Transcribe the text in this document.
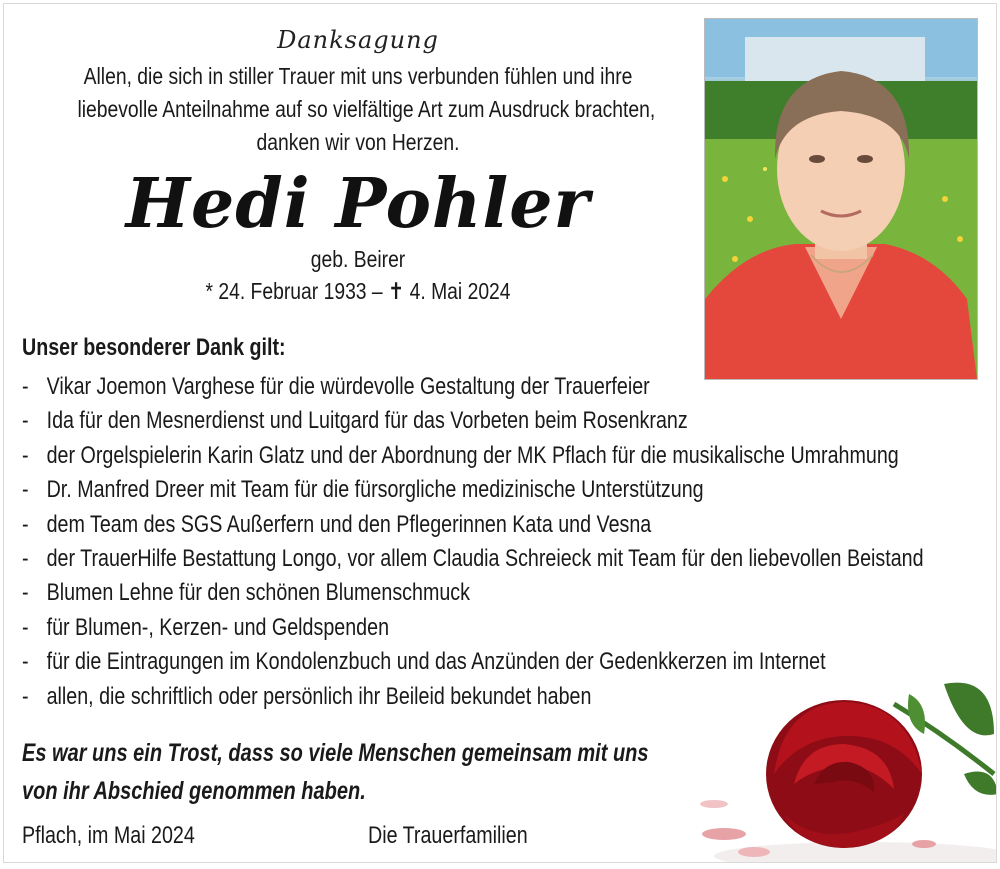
Danksagung
Allen, die sich in stiller Trauer mit uns verbunden fühlen und ihre
liebevolle Anteilnahme auf so vielfältige Art zum Ausdruck brachten,
danken wir von Herzen.
Hedi Pohler
geb. Beirer
* 24. Februar 1933 – ✝ 4. Mai 2024
Unser besonderer Dank gilt:
- Vikar Joemon Varghese für die würdevolle Gestaltung der Trauerfeier
- Ida für den Mesnerdienst und Luitgard für das Vorbeten beim Rosenkranz
- der Orgelspielerin Karin Glatz und der Abordnung der MK Pflach für die musikalische Umrahmung
- Dr. Manfred Dreer mit Team für die fürsorgliche medizinische Unterstützung
- dem Team des SGS Außerfern und den Pflegerinnen Kata und Vesna
- der TrauerHilfe Bestattung Longo, vor allem Claudia Schreieck mit Team für den liebevollen Beistand
- Blumen Lehne für den schönen Blumenschmuck
- für Blumen-, Kerzen- und Geldspenden
- für die Eintragungen im Kondolenzbuch und das Anzünden der Gedenkkerzen im Internet
- allen, die schriftlich oder persönlich ihr Beileid bekundet haben
Es war uns ein Trost, dass so viele Menschen gemeinsam mit uns
von ihr Abschied genommen haben.
Pflach, im Mai 2024	Die Trauerfamilien
